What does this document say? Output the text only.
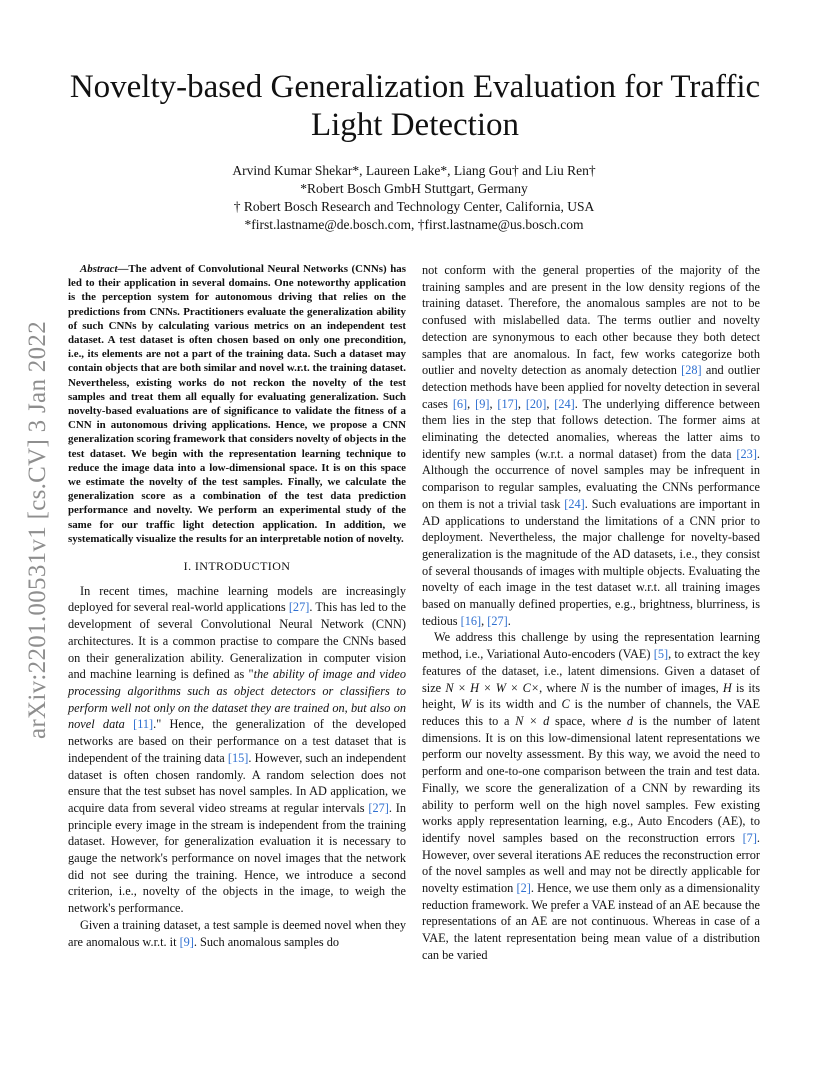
arXiv:2201.00531v1 [cs.CV] 3 Jan 2022
Novelty-based Generalization Evaluation for Traffic Light Detection
Arvind Kumar Shekar*, Laureen Lake*, Liang Gou† and Liu Ren†
*Robert Bosch GmbH Stuttgart, Germany
† Robert Bosch Research and Technology Center, California, USA
*first.lastname@de.bosch.com, †first.lastname@us.bosch.com

Abstract—The advent of Convolutional Neural Networks (CNNs) has led to their application in several domains. One noteworthy application is the perception system for autonomous driving that relies on the predictions from CNNs. Practitioners evaluate the generalization ability of such CNNs by calculating various metrics on an independent test dataset. A test dataset is often chosen based on only one precondition, i.e., its elements are not a part of the training data. Such a dataset may contain objects that are both similar and novel w.r.t. the training dataset. Nevertheless, existing works do not reckon the novelty of the test samples and treat them all equally for evaluating generalization. Such novelty-based evaluations are of significance to validate the fitness of a CNN in autonomous driving applications. Hence, we propose a CNN generalization scoring framework that considers novelty of objects in the test dataset. We begin with the representation learning technique to reduce the image data into a low-dimensional space. It is on this space we estimate the novelty of the test samples. Finally, we calculate the generalization score as a combination of the test data prediction performance and novelty. We perform an experimental study of the same for our traffic light detection application. In addition, we systematically visualize the results for an interpretable notion of novelty.

I. INTRODUCTION

In recent times, machine learning models are increasingly deployed for several real-world applications [27]. This has led to the development of several Convolutional Neural Network (CNN) architectures. It is a common practise to compare the CNNs based on their generalization ability. Generalization in computer vision and machine learning is defined as "the ability of image and video processing algorithms such as object detectors or classifiers to perform well not only on the dataset they are trained on, but also on novel data [11]." Hence, the generalization of the developed networks are based on their performance on a test dataset that is independent of the training data [15]. However, such an independent dataset is often chosen randomly. A random selection does not ensure that the test subset has novel samples. In AD application, we acquire data from several video streams at regular intervals [27]. In principle every image in the stream is independent from the training dataset. However, for generalization evaluation it is necessary to gauge the network's performance on novel images that the network did not see during the training. Hence, we introduce a second criterion, i.e., novelty of the objects in the image, to weigh the network's performance.

Given a training dataset, a test sample is deemed novel when they are anomalous w.r.t. it [9]. Such anomalous samples do

not conform with the general properties of the majority of the training samples and are present in the low density regions of the training dataset. Therefore, the anomalous samples are not to be confused with mislabelled data. The terms outlier and novelty detection are synonymous to each other because they both detect samples that are anomalous. In fact, few works categorize both outlier and novelty detection as anomaly detection [28] and outlier detection methods have been applied for novelty detection in several cases [6], [9], [17], [20], [24]. The underlying difference between them lies in the step that follows detection. The former aims at eliminating the detected anomalies, whereas the latter aims to identify new samples (w.r.t. a normal dataset) from the data [23]. Although the occurrence of novel samples may be infrequent in comparison to regular samples, evaluating the CNNs performance on them is not a trivial task [24]. Such evaluations are important in AD applications to understand the limitations of a CNN prior to deployment. Nevertheless, the major challenge for novelty-based generalization is the magnitude of the AD datasets, i.e., they consist of several thousands of images with multiple objects. Evaluating the novelty of each image in the test dataset w.r.t. all training images based on manually defined properties, e.g., brightness, blurriness, is tedious [16], [27].

We address this challenge by using the representation learning method, i.e., Variational Auto-encoders (VAE) [5], to extract the key features of the dataset, i.e., latent dimensions. Given a dataset of size N × H × W × C×, where N is the number of images, H is its height, W is its width and C is the number of channels, the VAE reduces this to a N × d space, where d is the number of latent dimensions. It is on this low-dimensional latent representations we perform our novelty assessment. By this way, we avoid the need to perform and one-to-one comparison between the train and test data. Finally, we score the generalization of a CNN by rewarding its ability to perform well on the high novel samples. Few existing works apply representation learning, e.g., Auto Encoders (AE), to identify novel samples based on the reconstruction errors [7]. However, over several iterations AE reduces the reconstruction error of the novel samples as well and may not be directly applicable for novelty estimation [2]. Hence, we use them only as a dimensionality reduction framework. We prefer a VAE instead of an AE because the representations of an AE are not continuous. Whereas in case of a VAE, the latent representation being mean value of a distribution can be varied
